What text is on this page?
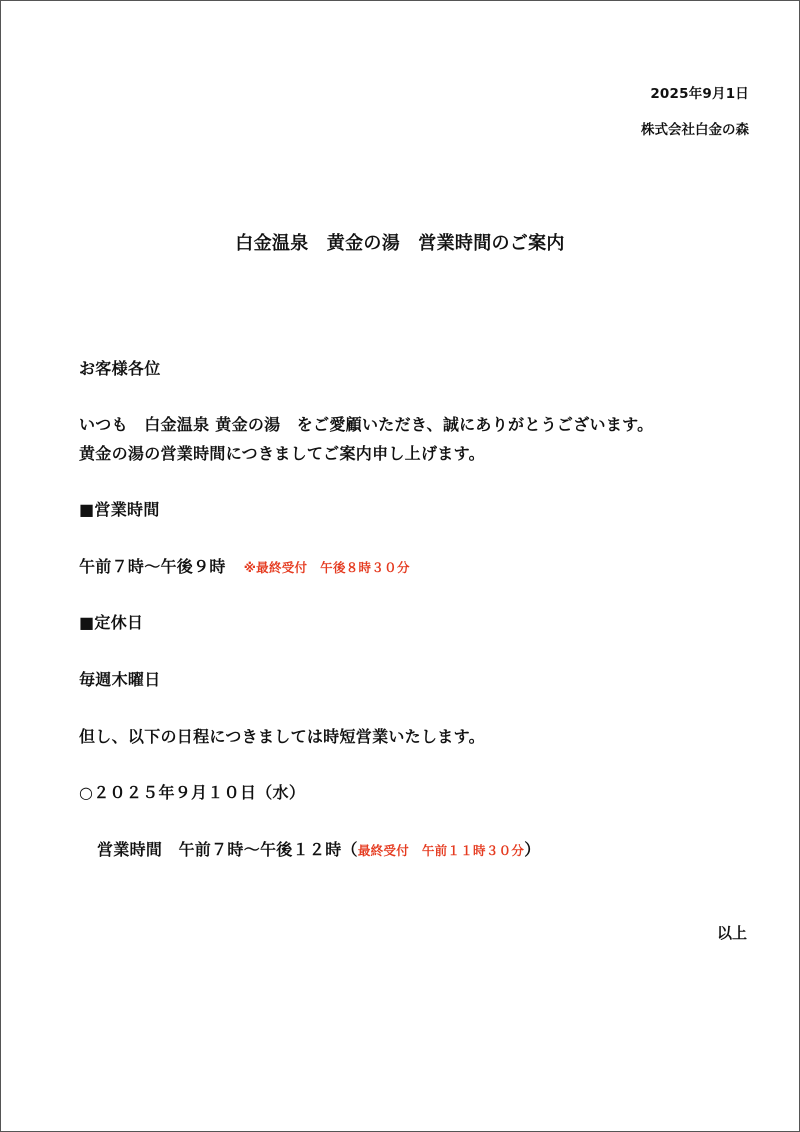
2025年9月1日

株式会社白金の森

白金温泉　黄金の湯　営業時間のご案内

お客様各位

いつも　白金温泉 黄金の湯　をご愛顧いただき、誠にありがとうございます。

黄金の湯の営業時間につきましてご案内申し上げます。

■営業時間

午前７時～午後９時 ※最終受付　午後８時３０分

■定休日

毎週木曜日

但し、以下の日程につきましては時短営業いたします。

○２０２５年９月１０日（水）

営業時間　午前７時～午後１２時（最終受付　午前１１時３０分）

以上
